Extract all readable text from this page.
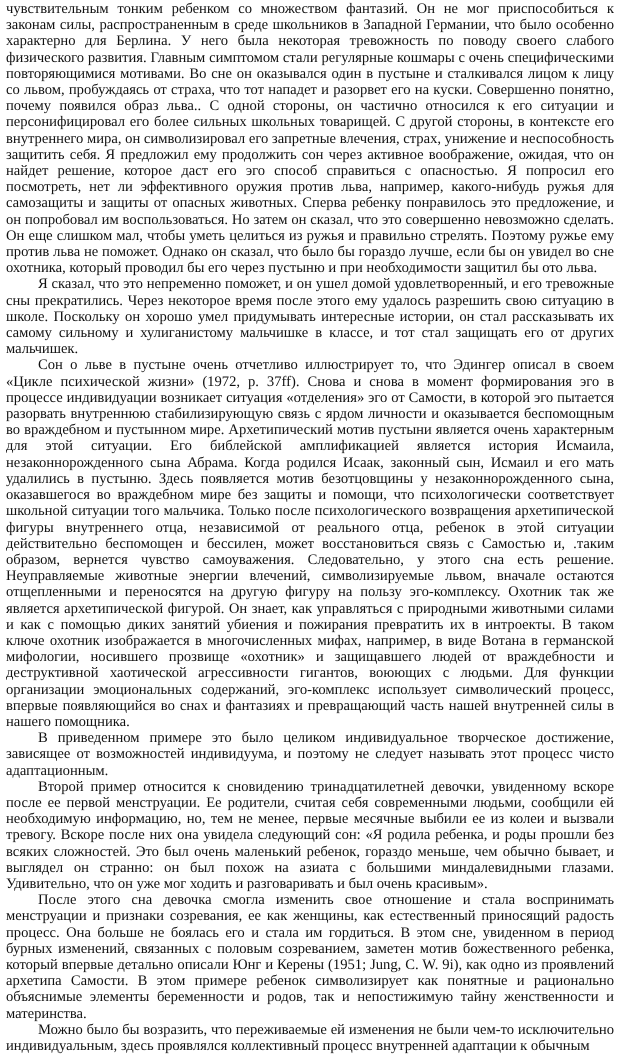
чувствительным тонким ребенком со множеством фантазий. Он не мог приспособиться к законам силы, распространенным в среде школьников в Западной Германии, что было особенно характерно для Берлина. У него была некоторая тревожность по поводу своего слабого физического развития. Главным симптомом стали регулярные кошмары с очень специфическими повторяющимися мотивами. Во сне он оказывался один в пустыне и сталкивался лицом к лицу со львом, пробуждаясь от страха, что тот нападет и разорвет его на куски. Совершенно понятно, почему появился образ льва.. С одной стороны, он частично относился к его ситуации и персонифицировал его более сильных школьных товарищей. С другой стороны, в контексте его внутреннего мира, он символизировал его запретные влечения, страх, унижение и неспособность защитить себя. Я предложил ему продолжить сон через активное воображение, ожидая, что он найдет решение, которое даст его эго способ справиться с опасностью. Я попросил его посмотреть, нет ли эффективного оружия против льва, например, какого-нибудь ружья для самозащиты и защиты от опасных животных. Сперва ребенку понравилось это предложение, и он попробовал им воспользоваться. Но затем он сказал, что это совершенно невозможно сделать. Он еще слишком мал, чтобы уметь целиться из ружья и правильно стрелять. Поэтому ружье ему против льва не поможет. Однако он сказал, что было бы гораздо лучше, если бы он увидел во сне охотника, который проводил бы его через пустыню и при необходимости защитил бы ото льва.

Я сказал, что это непременно поможет, и он ушел домой удовлетворенный, и его тревожные сны прекратились. Через некоторое время после этого ему удалось разрешить свою ситуацию в школе. Поскольку он хорошо умел придумывать интересные истории, он стал рассказывать их самому сильному и хулиганистому мальчишке в классе, и тот стал защищать его от других мальчишек.

Сон о льве в пустыне очень отчетливо иллюстрирует то, что Эдингер описал в своем «Цикле психической жизни» (1972, p. 37ff). Снова и снова в момент формирования эго в процессе индивидуации возникает ситуация «отделения» эго от Самости, в которой эго пытается разорвать внутреннюю стабилизирующую связь с ярдом личности и оказывается беспомощным во враждебном и пустынном мире. Архетипический мотив пустыни является очень характерным для этой ситуации. Его библейской амплификацией является история Исмаила, незаконнорожденного сына Абрама. Когда родился Исаак, законный сын, Исмаил и его мать удалились в пустыню. Здесь появляется мотив безотцовщины у незаконнорожденного сына, оказавшегося во враждебном мире без защиты и помощи, что психологически соответствует школьной ситуации того мальчика. Только после психологического возвращения архетипической фигуры внутреннего отца, независимой от реального отца, ребенок в этой ситуации действительно беспомощен и бессилен, может восстановиться связь с Самостью и, .таким образом, вернется чувство самоуважения. Следовательно, у этого сна есть решение. Неуправляемые животные энергии влечений, символизируемые львом, вначале остаются отщепленными и переносятся на другую фигуру на пользу эго-комплексу. Охотник так же является архетипической фигурой. Он знает, как управляться с природными животными силами и как с помощью диких занятий убиения и пожирания превратить их в интроекты. В таком ключе охотник изображается в многочисленных мифах, например, в виде Вотана в германской мифологии, носившего прозвище «охотник» и защищавшего людей от враждебности и деструктивной хаотической агрессивности гигантов, воюющих с людьми. Для функции организации эмоциональных содержаний, эго-комплекс использует символический процесс, впервые появляющийся во снах и фантазиях и превращающий часть нашей внутренней силы в нашего помощника.

В приведенном примере это было целиком индивидуальное творческое достижение, зависящее от возможностей индивидуума, и поэтому не следует называть этот процесс чисто адаптационным.

Второй пример относится к сновидению тринадцатилетней девочки, увиденному вскоре после ее первой менструации. Ее родители, считая себя современными людьми, сообщили ей необходимую информацию, но, тем не менее, первые месячные выбили ее из колеи и вызвали тревогу. Вскоре после них она увидела следующий сон: «Я родила ребенка, и роды прошли без всяких сложностей. Это был очень маленький ребенок, гораздо меньше, чем обычно бывает, и выглядел он странно: он был похож на азиата с большими миндалевидными глазами. Удивительно, что он уже мог ходить и разговаривать и был очень красивым».

После этого сна девочка смогла изменить свое отношение и стала воспринимать менструации и признаки созревания, ее как женщины, как естественный приносящий радость процесс. Она больше не боялась его и стала им гордиться. В этом сне, увиденном в период бурных изменений, связанных с половым созреванием, заметен мотив божественного ребенка, который впервые детально описали Юнг и Керены (1951; Jung, C. W. 9i), как одно из проявлений архетипа Самости. В этом примере ребенок символизирует как понятные и рационально объяснимые элементы беременности и родов, так и непостижимую тайну женственности и материнства.

Можно было бы возразить, что переживаемые ей изменения не были чем-то исключительно индивидуальным, здесь проявлялся коллективный процесс внутренней адаптации к обычным
